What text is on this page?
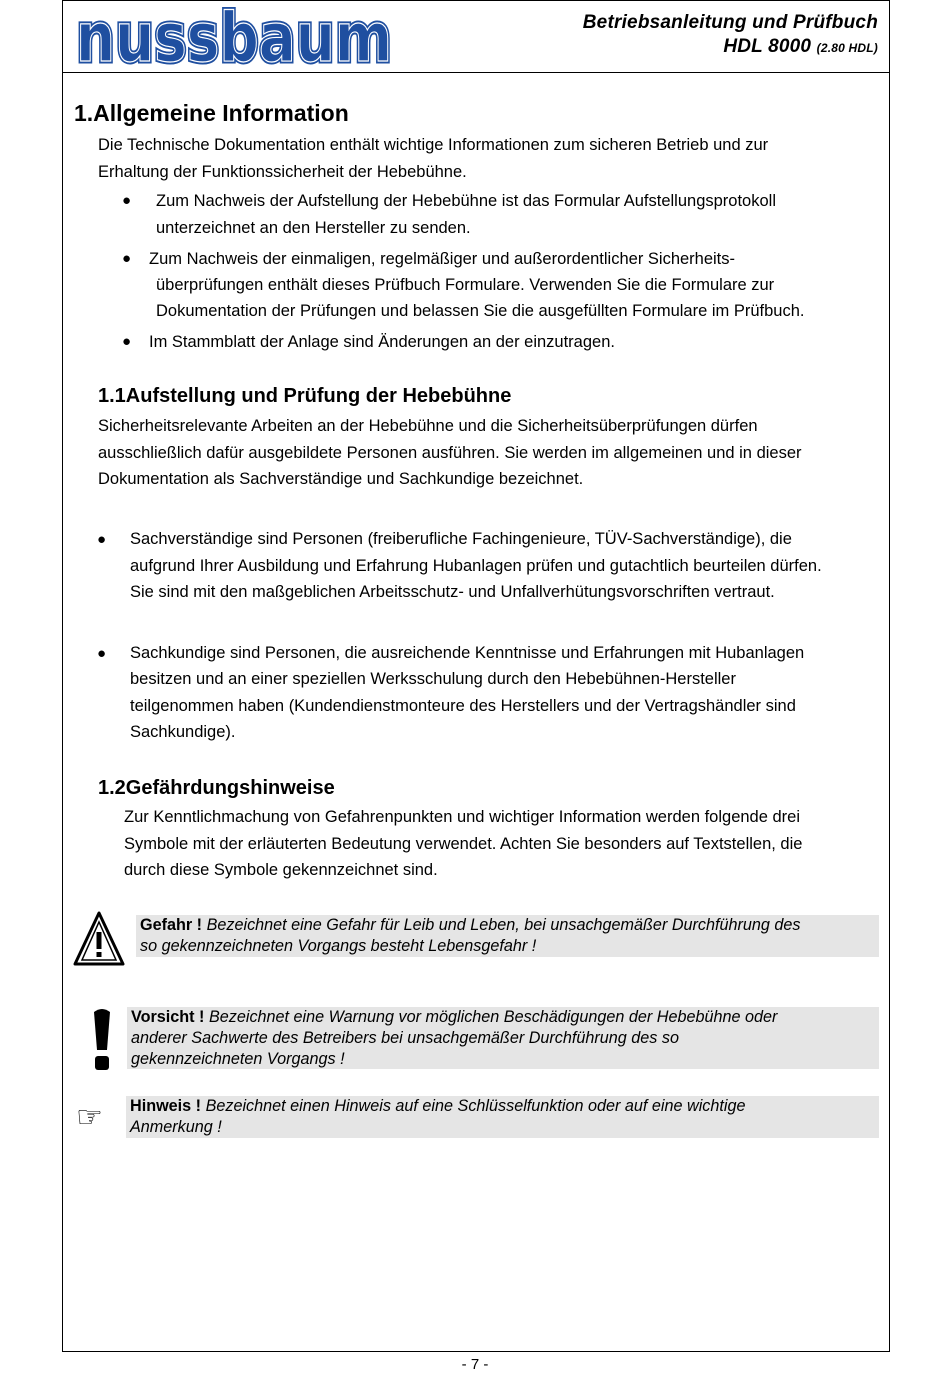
nussbaum
nussbaum	Betriebsanleitung und Prüfbuch
HDL 8000 (2.80 HDL)
1.Allgemeine Information
Die Technische Dokumentation enthält wichtige Informationen zum sicheren Betrieb und zur
Erhaltung der Funktionssicherheit der Hebebühne.
● Zum Nachweis der Aufstellung der Hebebühne ist das Formular Aufstellungsprotokoll
unterzeichnet an den Hersteller zu senden.
● Zum Nachweis der einmaligen, regelmäßiger und außerordentlicher Sicherheits-
überprüfungen enthält dieses Prüfbuch Formulare. Verwenden Sie die Formulare zur
Dokumentation der Prüfungen und belassen Sie die ausgefüllten Formulare im Prüfbuch.
● Im Stammblatt der Anlage sind Änderungen an der einzutragen.
1.1Aufstellung und Prüfung der Hebebühne
Sicherheitsrelevante Arbeiten an der Hebebühne und die Sicherheitsüberprüfungen dürfen
ausschließlich dafür ausgebildete Personen ausführen. Sie werden im allgemeinen und in dieser
Dokumentation als Sachverständige und Sachkundige bezeichnet.
● Sachverständige sind Personen (freiberufliche Fachingenieure, TÜV-Sachverständige), die
aufgrund Ihrer Ausbildung und Erfahrung Hubanlagen prüfen und gutachtlich beurteilen dürfen.
Sie sind mit den maßgeblichen Arbeitsschutz- und Unfallverhütungsvorschriften vertraut.
● Sachkundige sind Personen, die ausreichende Kenntnisse und Erfahrungen mit Hubanlagen
besitzen und an einer speziellen Werksschulung durch den Hebebühnen-Hersteller
teilgenommen haben (Kundendienstmonteure des Herstellers und der Vertragshändler sind
Sachkundige).
1.2Gefährdungshinweise
Zur Kenntlichmachung von Gefahrenpunkten und wichtiger Information werden folgende drei
Symbole mit der erläuterten Bedeutung verwendet. Achten Sie besonders auf Textstellen, die
durch diese Symbole gekennzeichnet sind.
Gefahr ! Bezeichnet eine Gefahr für Leib und Leben, bei unsachgemäßer Durchführung des
so gekennzeichneten Vorgangs besteht Lebensgefahr !
Vorsicht ! Bezeichnet eine Warnung vor möglichen Beschädigungen der Hebebühne oder
anderer Sachwerte des Betreibers bei unsachgemäßer Durchführung des so
gekennzeichneten Vorgangs !
☞ Hinweis ! Bezeichnet einen Hinweis auf eine Schlüsselfunktion oder auf eine wichtige
Anmerkung !
- 7 -
